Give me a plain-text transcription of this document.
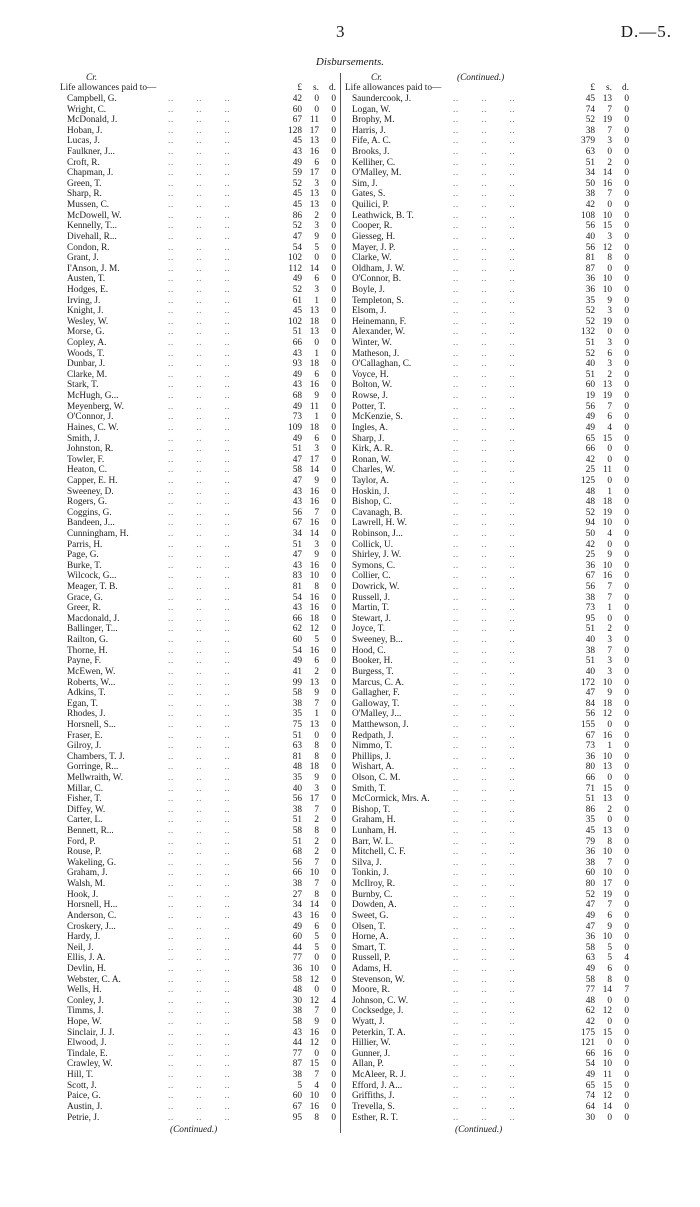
3	D.—5.
Disbursements.
Cr.
Life allowances paid to—	£	s.	d.
Campbell, G.	..        ..        ..	42	0	0
Wright, C.	..        ..        ..	60	0	0
McDonald, J.	..        ..        ..	67 11	0
Hoban, J.	..        ..        ..	128 17	0
Lucas, J.	..        ..        ..	45 13	0
Faulkner, J...	..        ..        ..	43 16	0
Croft, R.	..        ..        ..	49	6	0
Chapman, J.	..        ..        ..	59 17	0
Green, T.	..        ..        ..	52	3	0
Sharp, R.	..        ..        ..	45 13	0
Mussen, C.	..        ..        ..	45 13	0
McDowell, W.	..        ..        ..	86	2	0
Kennelly, T...	..        ..        ..	52	3	0
Divehall, R...	..        ..        ..	47	9	0
Condon, R.	..        ..        ..	54	5	0
Grant, J.	..        ..        ..	102	0	0
I'Anson, J. M.	..        ..        ..	112 14	0
Austen, T.	..        ..        ..	49	6	0
Hodges, E.	..        ..        ..	52	3	0
Irving, J.	..        ..        ..	61	1	0
Knight, J.	..        ..        ..	45 13	0
Wesley, W.	..        ..        ..	102 18	0
Morse, G.	..        ..        ..	51 13	0
Copley, A.	..        ..        ..	66	0	0
Woods, T.	..        ..        ..	43	1	0
Dunbar, J.	..        ..        ..	93 18	0
Clarke, M.	..        ..        ..	49	6	0
Stark, T.	..        ..        ..	43 16	0
McHugh, G...	..        ..        ..	68	9	0
Meyenberg, W.	..        ..        ..	49 11	0
O'Connor, J.	..        ..        ..	73	1	0
Haines, C. W.	..        ..        ..	109 18	0
Smith, J.	..        ..        ..	49	6	0
Johnston, R.	..        ..        ..	51	3	0
Towler, F.	..        ..        ..	47 17	0
Heaton, C.	..        ..        ..	58 14	0
Capper, E. H.	..        ..        ..	47	9	0
Sweeney, D.	..        ..        ..	43 16	0
Rogers, G.	..        ..        ..	43 16	0
Coggins, G.	..        ..        ..	56	7	0
Bandeen, J...	..        ..        ..	67 16	0
Cunningham, H.	..        ..        ..	34 14	0
Parris, H.	..        ..        ..	51	3	0
Page, G.	..        ..        ..	47	9	0
Burke, T.	..        ..        ..	43 16	0
Wilcock, G...	..        ..        ..	83 10	0
Meager, T. B.	..        ..        ..	81	8	0
Grace, G.	..        ..        ..	54 16	0
Greer, R.	..        ..        ..	43 16	0
Macdonald, J.	..        ..        ..	66 18	0
Ballinger, T...	..        ..        ..	62 12	0
Railton, G.	..        ..        ..	60	5	0
Thorne, H.	..        ..        ..	54 16	0
Payne, F.	..        ..        ..	49	6	0
McEwen, W.	..        ..        ..	41	2	0
Roberts, W...	..        ..        ..	99 13	0
Adkins, T.	..        ..        ..	58	9	0
Egan, T.	..        ..        ..	38	7	0
Rhodes, J.	..        ..        ..	35	1	0
Horsnell, S...	..        ..        ..	75 13	0
Fraser, E.	..        ..        ..	51	0	0
Gilroy, J.	..        ..        ..	63	8	0
Chambers, T. J.	..        ..        ..	81	8	0
Gorringe, R...	..        ..        ..	48 18	0
Mellwraith, W.	..        ..        ..	35	9	0
Millar, C.	..        ..        ..	40	3	0
Fisher, T.	..        ..        ..	56 17	0
Diffey, W.	..        ..        ..	38	7	0
Carter, L.	..        ..        ..	51	2	0
Bennett, R...	..        ..        ..	58	8	0
Ford, P.	..        ..        ..	51	2	0
Rouse, P.	..        ..        ..	68	2	0
Wakeling, G.	..        ..        ..	56	7	0
Graham, J.	..        ..        ..	66 10	0
Walsh, M.	..        ..        ..	38	7	0
Hook, J.	..        ..        ..	27	8	0
Horsnell, H...	..        ..        ..	34 14	0
Anderson, C.	..        ..        ..	43 16	0
Croskery, J...	..        ..        ..	49	6	0
Hardy, J.	..        ..        ..	60	5	0
Neil, J.	..        ..        ..	44	5	0
Ellis, J. A.	..        ..        ..	77	0	0
Devlin, H.	..        ..        ..	36 10	0
Webster, C. A.	..        ..        ..	58 12	0
Wells, H.	..        ..        ..	48	0	0
Conley, J.	..        ..        ..	30 12	4
Timms, J.	..        ..        ..	38	7	0
Hope, W.	..        ..        ..	58	9	0
Sinclair, J. J.	..        ..        ..	43 16	0
Elwood, J.	..        ..        ..	44 12	0
Tindale, E.	..        ..        ..	77	0	0
Crawley, W.	..        ..        ..	87 15	0
Hill, T.	..        ..        ..	38	7	0
Scott, J.	..        ..        ..	5	4	0
Paice, G.	..        ..        ..	60 10	0
Austin, J.	..        ..        ..	67 16	0
Petrie, J.	..        ..        ..	95	8	0
(Continued.)
Cr.	(Continued.)
Life allowances paid to—	£	s.	d.
Saundercook, J.	..        ..        ..	45 13	0
Logan, W.	..        ..        ..	74	7	0
Brophy, M.	..        ..        ..	52 19	0
Harris, J.	..        ..        ..	38	7	0
Fife, A. C.	..        ..        ..	379	3	0
Brooks, J.	..        ..        ..	63	0	0
Kelliher, C.	..        ..        ..	51	2	0
O'Malley, M.	..        ..        ..	34 14	0
Sim, J.	..        ..        ..	50 16	0
Gates, S.	..        ..        ..	38	7	0
Quilici, P.	..        ..        ..	42	0	0
Leathwick, B. T.	..        ..        ..	108 10	0
Cooper, R.	..        ..        ..	56 15	0
Giesseg, H.	..        ..        ..	40	3	0
Mayer, J. P.	..        ..        ..	56 12	0
Clarke, W.	..        ..        ..	81	8	0
Oldham, J. W.	..        ..        ..	87	0	0
O'Connor, B.	..        ..        ..	36 10	0
Boyle, J.	..        ..        ..	36 10	0
Templeton, S.	..        ..        ..	35	9	0
Elsom, J.	..        ..        ..	52	3	0
Heinemann, F.	..        ..        ..	52 19	0
Alexander, W.	..        ..        ..	132	0	0
Winter, W.	..        ..        ..	51	3	0
Matheson, J.	..        ..        ..	52	6	0
O'Callaghan, C.	..        ..        ..	40	3	0
Voyce, H.	..        ..        ..	51	2	0
Bolton, W.	..        ..        ..	60 13	0
Rowse, J.	..        ..        ..	19 19	0
Potter, T.	..        ..        ..	56	7	0
McKenzie, S.	..        ..        ..	49	6	0
Ingles, A.	..        ..        ..	49	4	0
Sharp, J.	..        ..        ..	65 15	0
Kirk, A. R.	..        ..        ..	66	0	0
Ronan, W.	..        ..        ..	42	0	0
Charles, W.	..        ..        ..	25 11	0
Taylor, A.	..        ..        ..	125	0	0
Hoskin, J.	..        ..        ..	48	1	0
Bishop, C.	..        ..        ..	48 18	0
Cavanagh, B.	..        ..        ..	52 19	0
Lawrell, H. W.	..        ..        ..	94 10	0
Robinson, J...	..        ..        ..	50	4	0
Collick, U.	..        ..        ..	42	0	0
Shirley, J. W.	..        ..        ..	25	9	0
Symons, C.	..        ..        ..	36 10	0
Collier, C.	..        ..        ..	67 16	0
Dowrick, W.	..        ..        ..	56	7	0
Russell, J.	..        ..        ..	38	7	0
Martin, T.	..        ..        ..	73	1	0
Stewart, J.	..        ..        ..	95	0	0
Joyce, T.	..        ..        ..	51	2	0
Sweeney, B...	..        ..        ..	40	3	0
Hood, C.	..        ..        ..	38	7	0
Booker, H.	..        ..        ..	51	3	0
Burgess, T.	..        ..        ..	40	3	0
Marcus, C. A.	..        ..        ..	172 10	0
Gallagher, F.	..        ..        ..	47	9	0
Galloway, T.	..        ..        ..	84 18	0
O'Malley, J...	..        ..        ..	56 12	0
Matthewson, J.	..        ..        ..	155	0	0
Redpath, J.	..        ..        ..	67 16	0
Nimmo, T.	..        ..        ..	73	1	0
Phillips, J.	..        ..        ..	36 10	0
Wishart, A.	..        ..        ..	80 13	0
Olson, C. M.	..        ..        ..	66	0	0
Smith, T.	..        ..        ..	71 15	0
McCormick, Mrs. A.	..        ..        ..	51 13	0
Bishop, T.	..        ..        ..	86	2	0
Graham, H.	..        ..        ..	35	0	0
Lunham, H.	..        ..        ..	45 13	0
Barr, W. L.	..        ..        ..	79	8	0
Mitchell, C. F.	..        ..        ..	36 10	0
Silva, J.	..        ..        ..	38	7	0
Tonkin, J.	..        ..        ..	60 10	0
McIlroy, R.	..        ..        ..	80 17	0
Burnby, C.	..        ..        ..	52 19	0
Dowden, A.	..        ..        ..	47	7	0
Sweet, G.	..        ..        ..	49	6	0
Olsen, T.	..        ..        ..	47	9	0
Horne, A.	..        ..        ..	36 10	0
Smart, T.	..        ..        ..	58	5	0
Russell, P.	..        ..        ..	63	5	4
Adams, H.	..        ..        ..	49	6	0
Stevenson, W.	..        ..        ..	58	8	0
Moore, R.	..        ..        ..	77 14	7
Johnson, C. W.	..        ..        ..	48	0	0
Cocksedge, J.	..        ..        ..	62 12	0
Wyatt, J.	..        ..        ..	42	0	0
Peterkin, T. A.	..        ..        ..	175 15	0
Hillier, W.	..        ..        ..	121	0	0
Gunner, J.	..        ..        ..	66 16	0
Allan, P.	..        ..        ..	54 10	0
McAleer, R. J.	..        ..        ..	49 11	0
Efford, J. A...	..        ..        ..	65 15	0
Griffiths, J.	..        ..        ..	74 12	0
Trevella, S.	..        ..        ..	64 14	0
Esther, R. T.	..        ..        ..	30	0	0
(Continued.)
